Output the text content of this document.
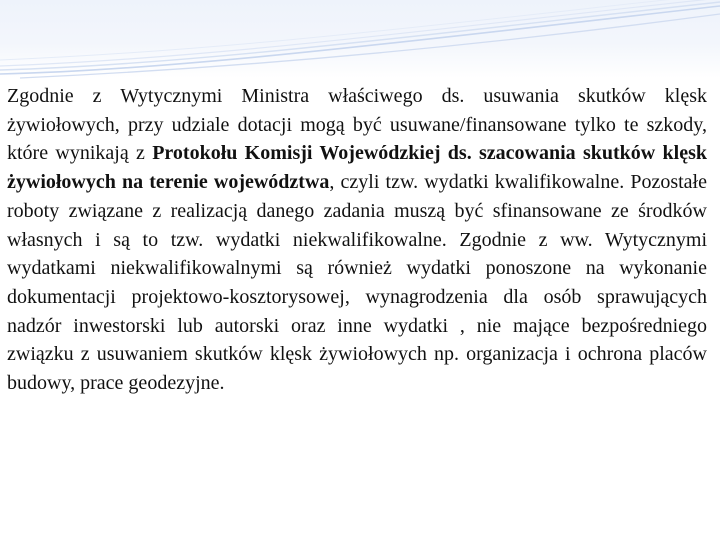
Zgodnie z Wytycznymi Ministra właściwego ds. usuwania skutków klęsk żywiołowych, przy udziale dotacji mogą być usuwane/finansowane tylko te szkody, które wynikają z Protokołu Komisji Wojewódzkiej ds. szacowania skutków klęsk żywiołowych na terenie województwa, czyli tzw. wydatki kwalifikowalne. Pozostałe roboty związane z realizacją danego zadania muszą być sfinansowane ze środków własnych i są to tzw. wydatki niekwalifikowalne. Zgodnie z ww. Wytycznymi wydatkami niekwalifikowalnymi są również wydatki ponoszone na wykonanie dokumentacji projektowo-kosztorysowej, wynagrodzenia dla osób sprawujących nadzór inwestorski lub autorski oraz inne wydatki , nie mające bezpośredniego związku z usuwaniem skutków klęsk żywiołowych np. organizacja i ochrona placów budowy, prace geodezyjne.
